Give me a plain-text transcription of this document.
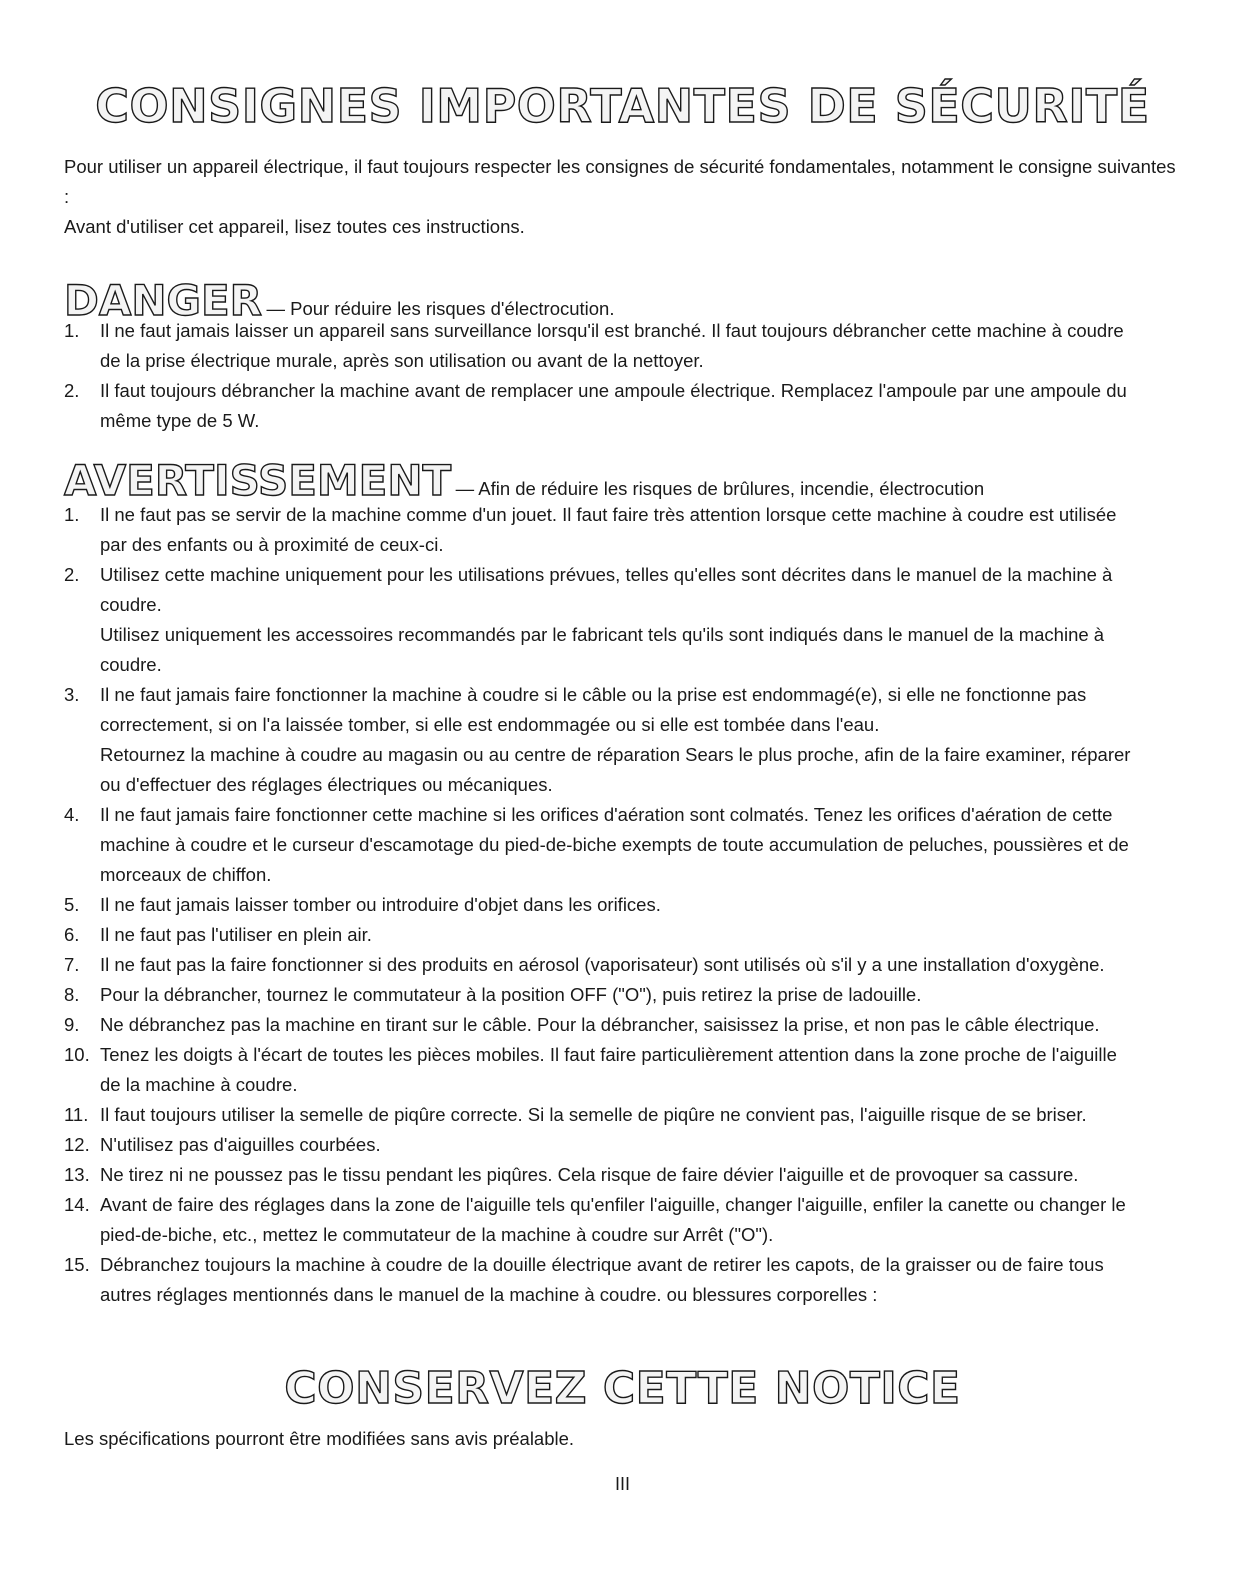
CONSIGNES IMPORTANTES DE SÉCURITÉ
Pour utiliser un appareil électrique, il faut toujours respecter les consignes de sécurité fondamentales, notamment le consigne suivantes :
Avant d'utiliser cet appareil, lisez toutes ces instructions.
DANGER — Pour réduire les risques d'électrocution.
1.	Il ne faut jamais laisser un appareil sans surveillance lorsqu'il est branché. Il faut toujours débrancher cette machine à coudre de la prise électrique murale, après son utilisation ou avant de la nettoyer.

2.	Il faut toujours débrancher la machine avant de remplacer une ampoule électrique. Remplacez l'ampoule par une ampoule du même type de 5 W.

AVERTISSEMENT — Afin de réduire les risques de brûlures, incendie, électrocution
1.	Il ne faut pas se servir de la machine comme d'un jouet. Il faut faire très attention lorsque cette machine à coudre est utilisée par des enfants ou à proximité de ceux-ci.

2.	Utilisez cette machine uniquement pour les utilisations prévues, telles qu'elles sont décrites dans le manuel de la machine à coudre.

Utilisez uniquement les accessoires recommandés par le fabricant tels qu'ils sont indiqués dans le manuel de la machine à coudre.

3.	Il ne faut jamais faire fonctionner la machine à coudre si le câble ou la prise est endommagé(e), si elle ne fonctionne pas correctement, si on l'a laissée tomber, si elle est endommagée ou si elle est tombée dans l'eau.

Retournez la machine à coudre au magasin ou au centre de réparation Sears le plus proche, afin de la faire examiner, réparer ou d'effectuer des réglages électriques ou mécaniques.

4.	Il ne faut jamais faire fonctionner cette machine si les orifices d'aération sont colmatés. Tenez les orifices d'aération de cette machine à coudre et le curseur d'escamotage du pied-de-biche exempts de toute accumulation de peluches, poussières et de morceaux de chiffon.

5.	Il ne faut jamais laisser tomber ou introduire d'objet dans les orifices.

6.	Il ne faut pas l'utiliser en plein air.

7.	Il ne faut pas la faire fonctionner si des produits en aérosol (vaporisateur) sont utilisés où s'il y a une installation d'oxygène.

8.	Pour la débrancher, tournez le commutateur à la position OFF ("O"), puis retirez la prise de ladouille.

9.	Ne débranchez pas la machine en tirant sur le câble. Pour la débrancher, saisissez la prise, et non pas le câble électrique.

10. Tenez les doigts à l'écart de toutes les pièces mobiles. Il faut faire particulièrement attention dans la zone proche de l'aiguille de la machine à coudre.

11. Il faut toujours utiliser la semelle de piqûre correcte. Si la semelle de piqûre ne convient pas, l'aiguille risque de se briser.

12. N'utilisez pas d'aiguilles courbées.

13. Ne tirez ni ne poussez pas le tissu pendant les piqûres. Cela risque de faire dévier l'aiguille et de provoquer sa cassure.

14. Avant de faire des réglages dans la zone de l'aiguille tels qu'enfiler l'aiguille, changer l'aiguille, enfiler la canette ou changer le pied-de-biche, etc., mettez le commutateur de la machine à coudre sur Arrêt ("O").

15. Débranchez toujours la machine à coudre de la douille électrique avant de retirer les capots, de la graisser ou de faire tous autres réglages mentionnés dans le manuel de la machine à coudre. ou blessures corporelles :

CONSERVEZ CETTE NOTICE
Les spécifications pourront être modifiées sans avis préalable.
III
